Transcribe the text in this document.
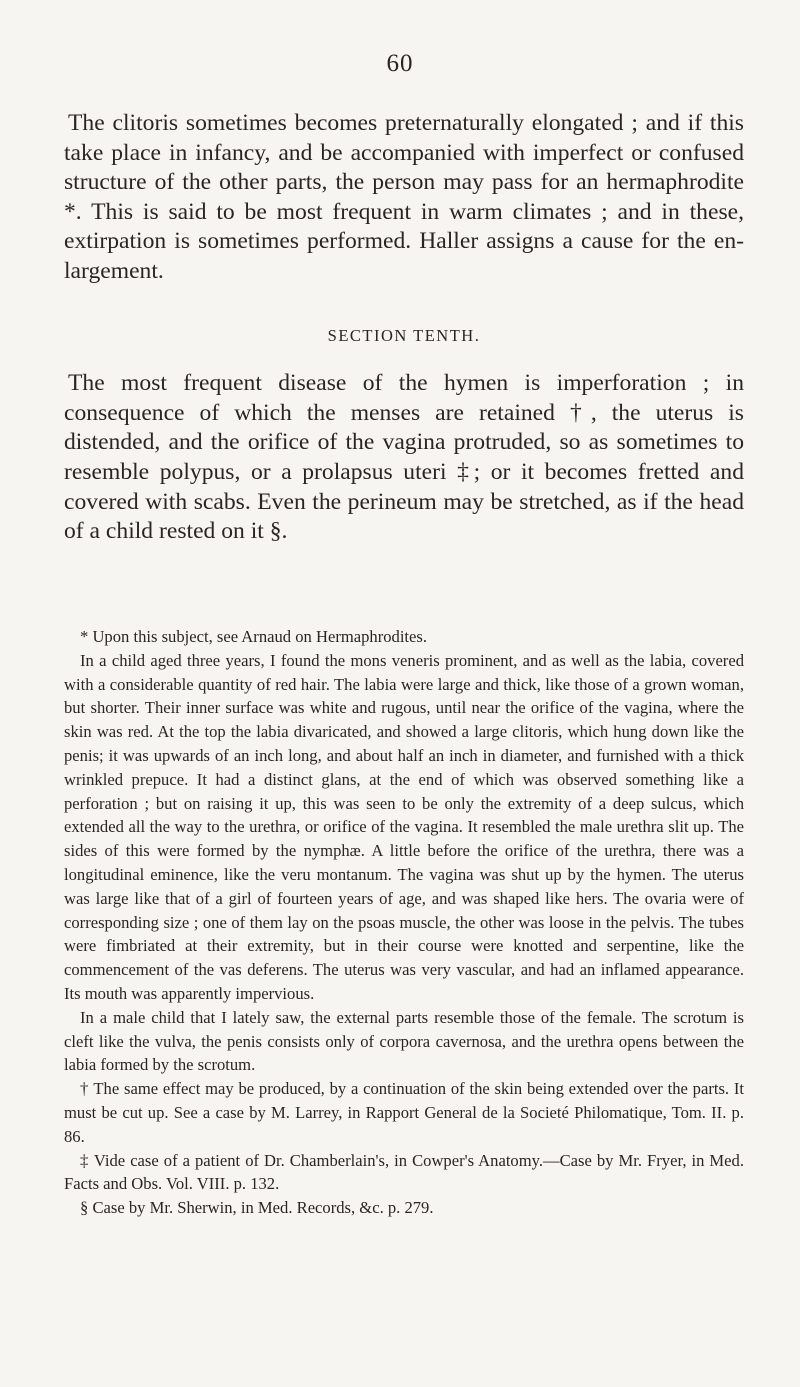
60

The clitoris sometimes becomes preternaturally elongated ; and if this take place in infancy, and be accompanied with imperfect or confused structure of the other parts, the person may pass for an hermaphrodite *. This is said to be most frequent in warm climates ; and in these, extirpation is sometimes performed. Haller assigns a cause for the enlargement.

SECTION TENTH.

The most frequent disease of the hymen is imperforation ; in consequence of which the menses are retained †, the uterus is distended, and the orifice of the vagina protruded, so as sometimes to resemble polypus, or a prolapsus uteri ‡; or it becomes fretted and covered with scabs. Even the perineum may be stretched, as if the head of a child rested on it §.

* Upon this subject, see Arnaud on Hermaphrodites.

In a child aged three years, I found the mons veneris prominent, and as well as the labia, covered with a considerable quantity of red hair. The labia were large and thick, like those of a grown woman, but shorter. Their inner surface was white and rugous, until near the orifice of the vagina, where the skin was red. At the top the labia divaricated, and showed a large clitoris, which hung down like the penis; it was upwards of an inch long, and about half an inch in diameter, and furnished with a thick wrinkled prepuce. It had a distinct glans, at the end of which was observed something like a perforation ; but on raising it up, this was seen to be only the extremity of a deep sulcus, which extended all the way to the urethra, or orifice of the vagina. It resembled the male urethra slit up. The sides of this were formed by the nymphæ. A little before the orifice of the urethra, there was a longitudinal eminence, like the veru montanum. The vagina was shut up by the hymen. The uterus was large like that of a girl of fourteen years of age, and was shaped like hers. The ovaria were of corresponding size ; one of them lay on the psoas muscle, the other was loose in the pelvis. The tubes were fimbriated at their extremity, but in their course were knotted and serpentine, like the commencement of the vas deferens. The uterus was very vascular, and had an inflamed appearance. Its mouth was apparently impervious.

In a male child that I lately saw, the external parts resemble those of the female. The scrotum is cleft like the vulva, the penis consists only of corpora cavernosa, and the urethra opens between the labia formed by the scrotum.

† The same effect may be produced, by a continuation of the skin being extended over the parts. It must be cut up. See a case by M. Larrey, in Rapport General de la Societé Philomatique, Tom. II. p. 86.

‡ Vide case of a patient of Dr. Chamberlain's, in Cowper's Anatomy.—Case by Mr. Fryer, in Med. Facts and Obs. Vol. VIII. p. 132.

§ Case by Mr. Sherwin, in Med. Records, &c. p. 279.
